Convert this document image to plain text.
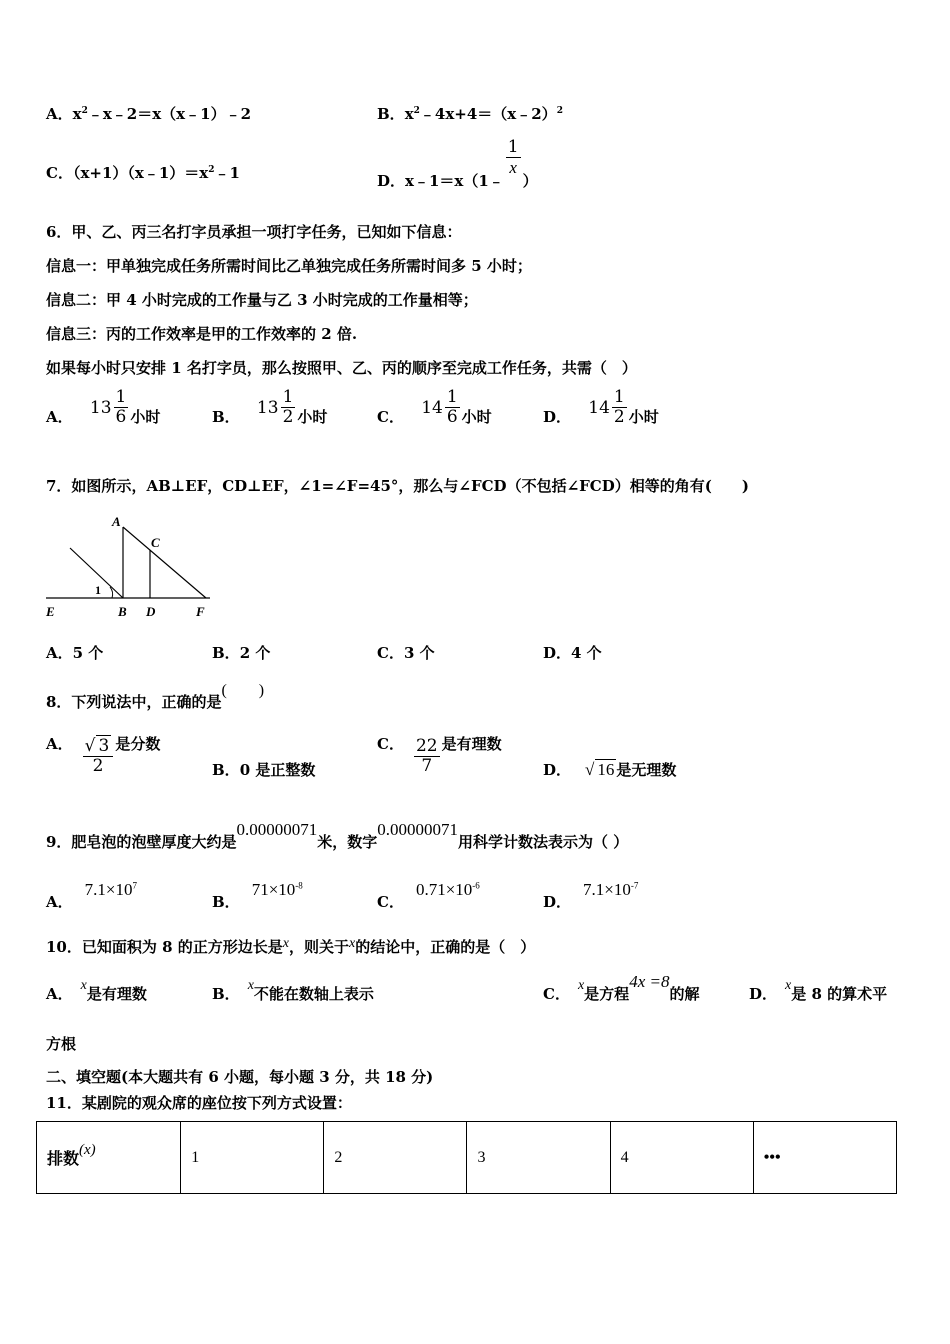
A．$x^2﹣x﹣2=x(x﹣1)﹣2$	B．$x^2﹣4x+4=(x﹣2)^2$
C．$(x+1)(x﹣1)=x^2﹣1$	D．x﹣1＝x（1﹣
$\frac{1}{x}$
）
6．甲、乙、丙三名打字员承担一项打字任务，已知如下信息：
信息一：甲单独完成任务所需时间比乙单独完成任务所需时间多 5 小时；
信息二：甲 4 小时完成的工作量与乙 3 小时完成的工作量相等；
信息三：丙的工作效率是甲的工作效率的 2 倍.
如果每小时只安排 1 名打字员，那么按照甲、乙、丙的顺序至完成工作任务，共需（　）
A． $13 \frac{1}{6}$ 小时	B． $13 \frac{1}{2}$ 小时	C． $14 \frac{1}{6}$ 小时	D． $14 \frac{1}{2}$ 小时
7．如图所示，AB⊥EF，CD⊥EF，∠1=∠F=45°，那么与∠FCD（不包括∠FCD）相等的角有(　　)
A
C
1
E	B D	F
A．5 个	B．2 个	C．3 个	D．4 个
8．下列说法中，正确的是(　　)
A． $\frac{√ 3}{2}$ 是分数
B．0 是正整数
C． $\frac{22}{7}$ 是有理数
D． √ 16 是无理数
9．肥皂泡的泡壁厚度大约是0.00000071米，数字0.00000071用科学计数法表示为（ ）
A．$7.1\times 10^7$
B．$71\times 10^{-8}$
C．$0.71\times 10^{-6}$
D．$7.1\times 10^{-7}$
10．已知面积为 8 的正方形边长是x，则关于x的结论中，正确的是（　）
A． x是有理数	B． x不能在数轴上表示	C． x是方程4x =8的解	D． x是 8 的算术平
方根
二、填空题(本大题共有 6 小题，每小题 3 分，共 18 分)
11．某剧院的观众席的座位按下列方式设置：
排数(x)	1	2	3	4	•••
